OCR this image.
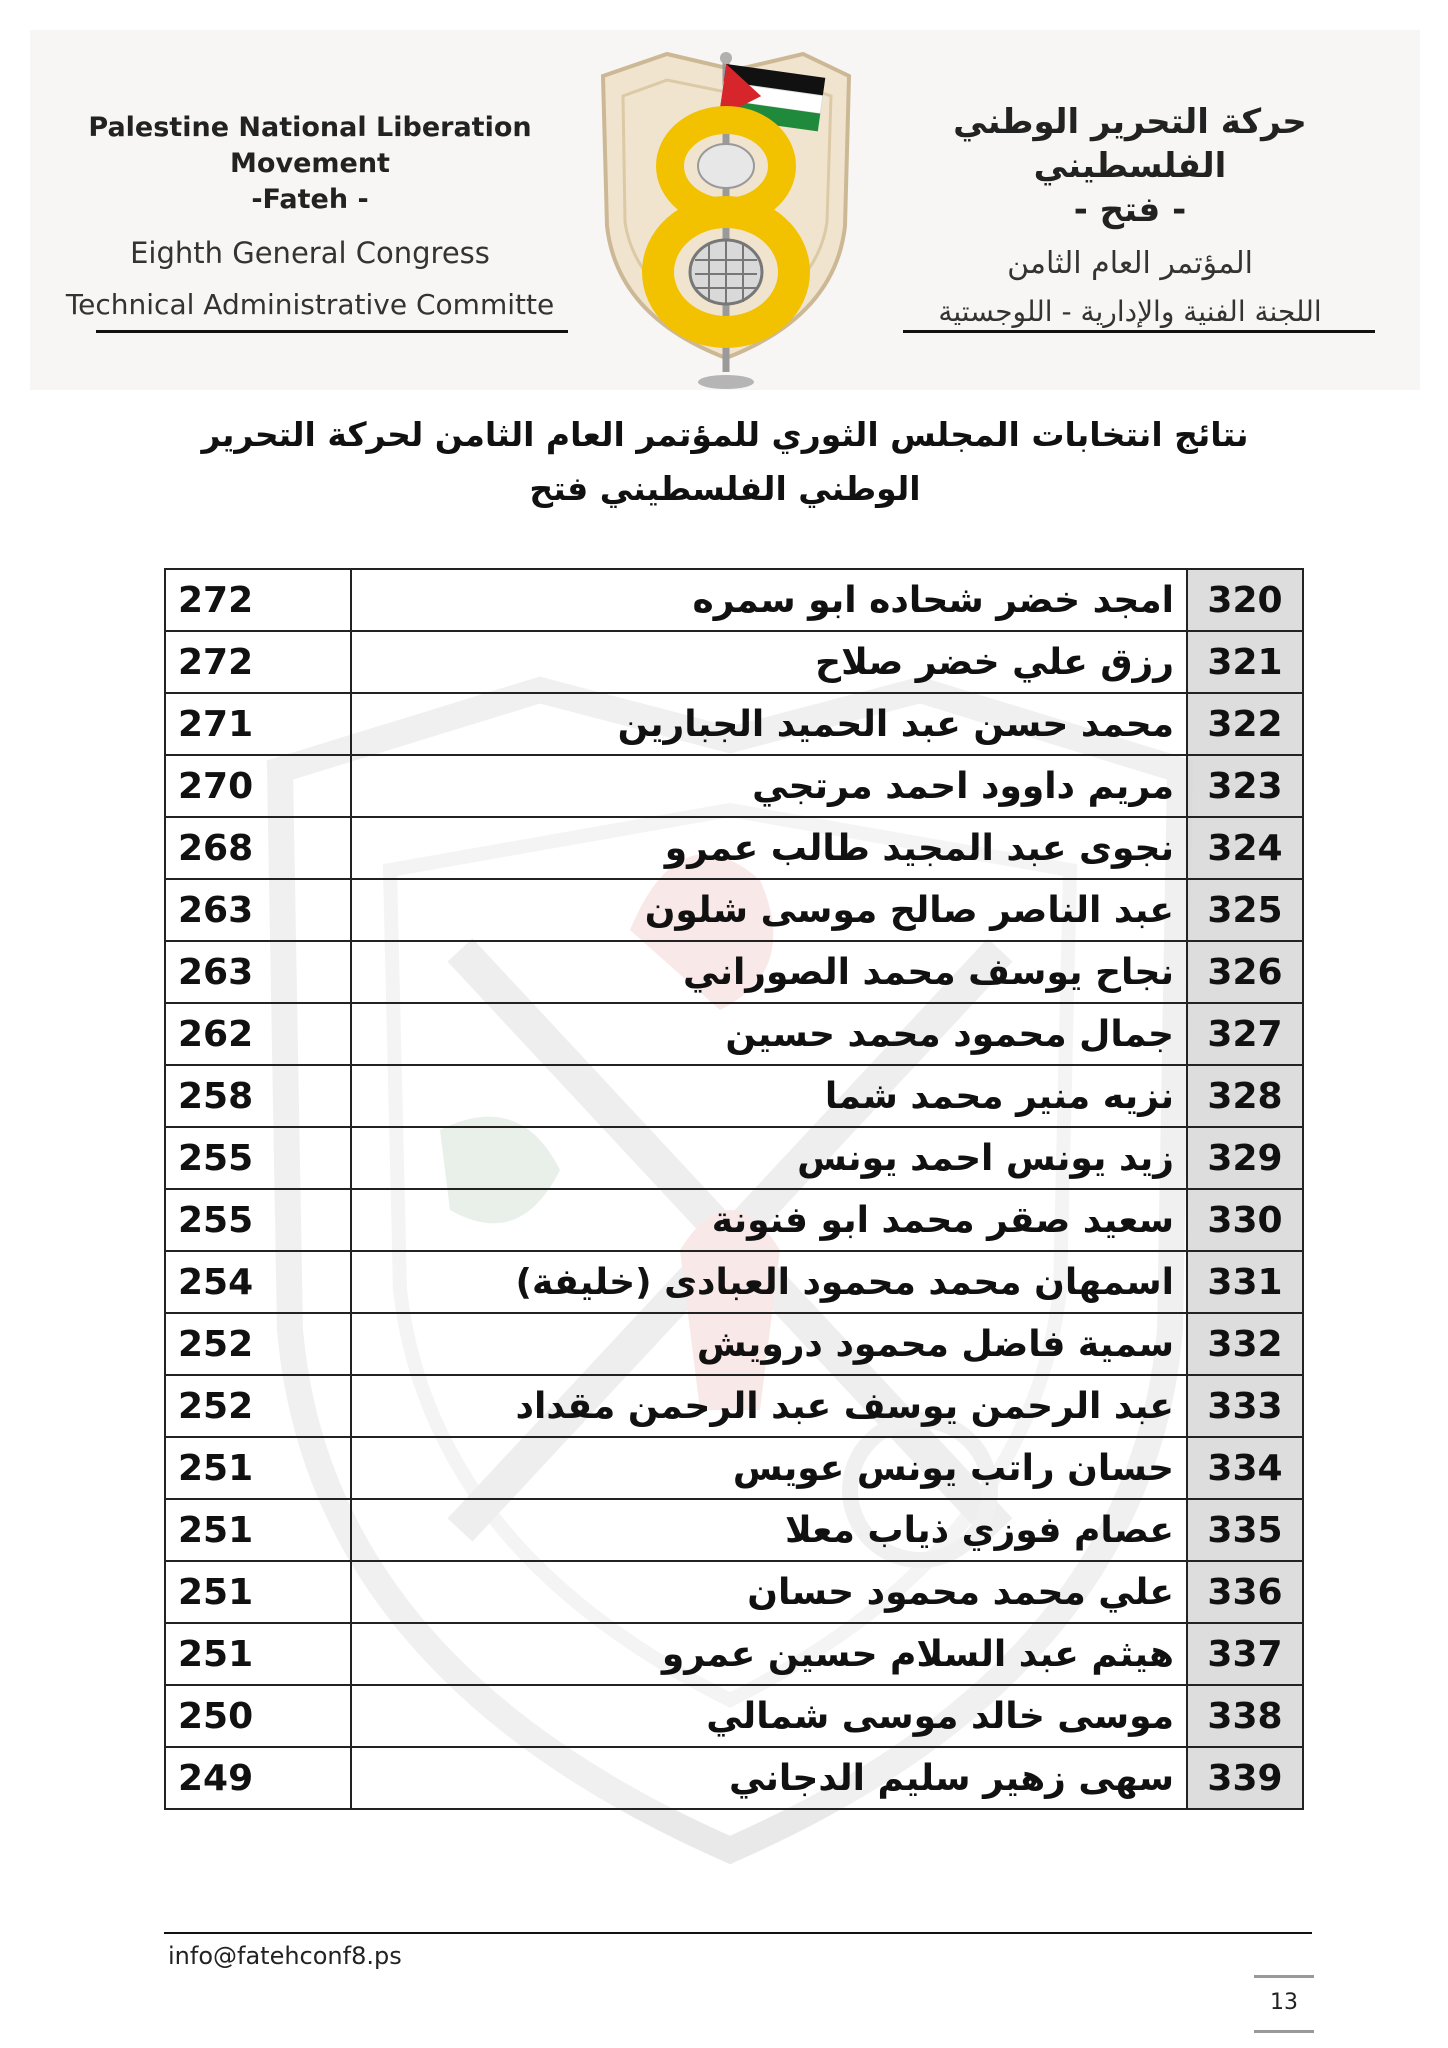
Palestine National Liberation Movement
-Fateh -
Eighth General Congress
Technical Administrative Committe
حركة التحرير الوطني الفلسطيني
- فتح -
المؤتمر العام الثامن
اللجنة الفنية والإدارية - اللوجستية
نتائج انتخابات المجلس الثوري للمؤتمر العام الثامن لحركة التحرير الوطني الفلسطيني فتح
320	امجد خضر شحاده ابو سمره	272
321	رزق علي خضر صلاح	272
322	محمد حسن عبد الحميد الجبارين	271
323	مريم داوود احمد مرتجي	270
324	نجوى عبد المجيد طالب عمرو	268
325	عبد الناصر صالح موسى شلون	263
326	نجاح يوسف محمد الصوراني	263
327	جمال محمود محمد حسين	262
328	نزيه منير محمد شما	258
329	زيد يونس احمد يونس	255
330	سعيد صقر محمد ابو فنونة	255
331	اسمهان محمد محمود العبادى (خليفة)	254
332	سمية فاضل محمود درويش	252
333	عبد الرحمن يوسف عبد الرحمن مقداد	252
334	حسان راتب يونس عويس	251
335	عصام فوزي ذياب معلا	251
336	علي محمد محمود حسان	251
337	هيثم عبد السلام حسين عمرو	251
338	موسى خالد موسى شمالي	250
339	سهى زهير سليم الدجاني	249
info@fatehconf8.ps
13
